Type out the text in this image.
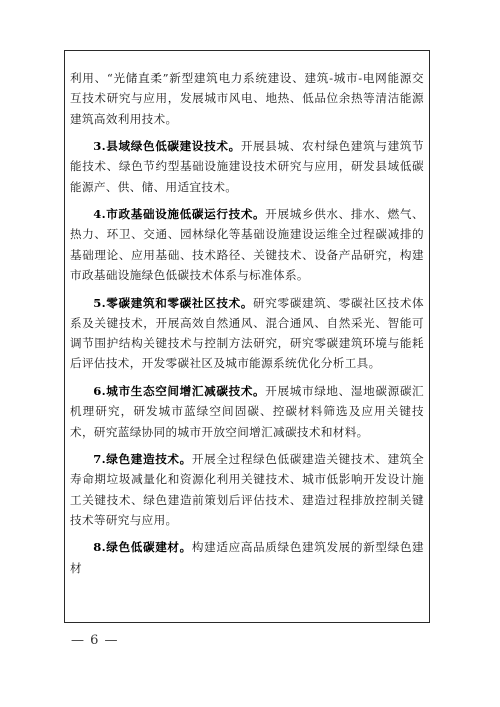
利用、“光储直柔”新型建筑电力系统建设、建筑-城市-电网能源交互技术研究与应用，发展城市风电、地热、低品位余热等清洁能源建筑高效利用技术。

3.县域绿色低碳建设技术。开展县城、农村绿色建筑与建筑节能技术、绿色节约型基础设施建设技术研究与应用，研发县域低碳能源产、供、储、用适宜技术。

4.市政基础设施低碳运行技术。开展城乡供水、排水、燃气、热力、环卫、交通、园林绿化等基础设施建设运维全过程碳减排的基础理论、应用基础、技术路径、关键技术、设备产品研究，构建市政基础设施绿色低碳技术体系与标准体系。

5.零碳建筑和零碳社区技术。研究零碳建筑、零碳社区技术体系及关键技术，开展高效自然通风、混合通风、自然采光、智能可调节围护结构关键技术与控制方法研究，研究零碳建筑环境与能耗后评估技术，开发零碳社区及城市能源系统优化分析工具。

6.城市生态空间增汇减碳技术。开展城市绿地、湿地碳源碳汇机理研究，研发城市蓝绿空间固碳、控碳材料筛选及应用关键技术，研究蓝绿协同的城市开放空间增汇减碳技术和材料。

7.绿色建造技术。开展全过程绿色低碳建造关键技术、建筑全寿命期垃圾减量化和资源化利用关键技术、城市低影响开发设计施工关键技术、绿色建造前策划后评估技术、建造过程排放控制关键技术等研究与应用。

8.绿色低碳建材。构建适应高品质绿色建筑发展的新型绿色建材

— 6 —
